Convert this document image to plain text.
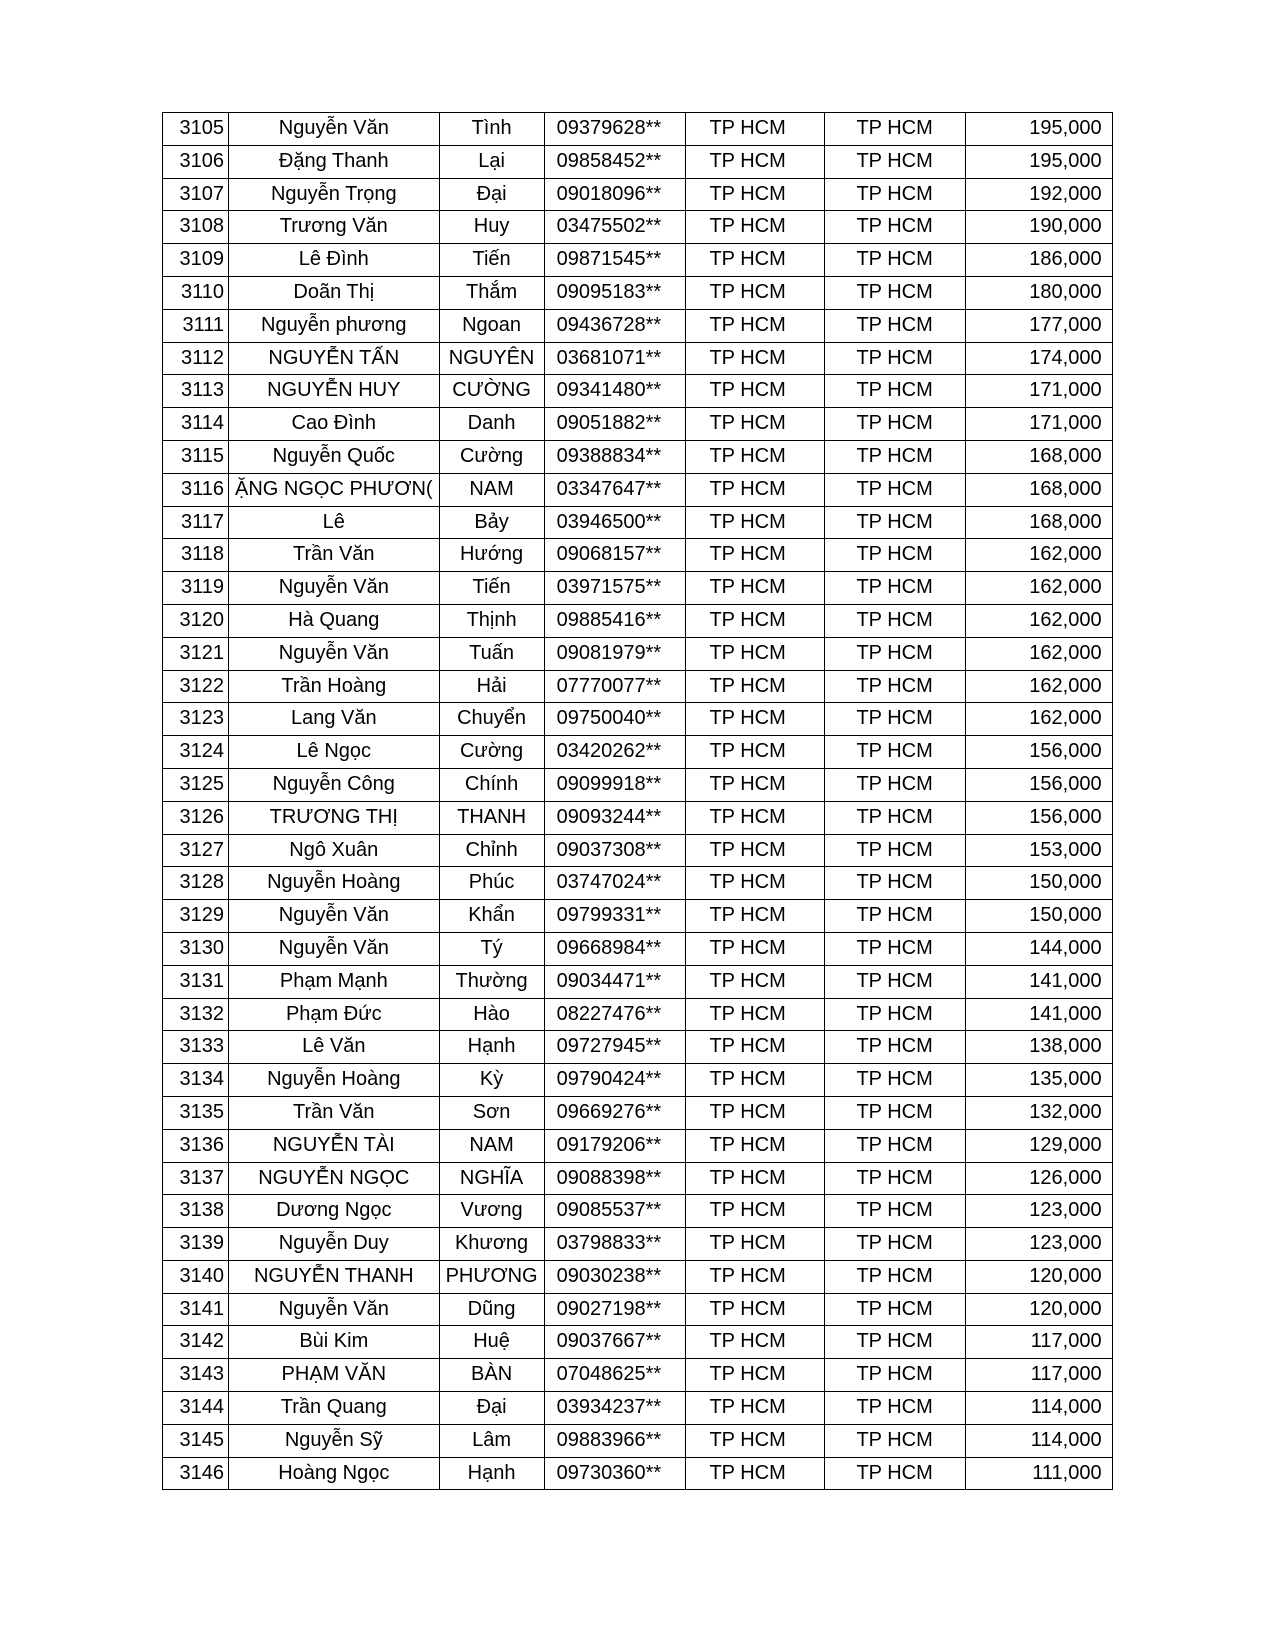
3105	Nguyễn Văn	Tình	09379628**	TP HCM	TP HCM	195,000
3106	Đặng Thanh	Lại	09858452**	TP HCM	TP HCM	195,000
3107	Nguyễn Trọng	Đại	09018096**	TP HCM	TP HCM	192,000
3108	Trương Văn	Huy	03475502**	TP HCM	TP HCM	190,000
3109	Lê Đình	Tiến	09871545**	TP HCM	TP HCM	186,000
3110	Doãn Thị	Thắm	09095183**	TP HCM	TP HCM	180,000
3111	Nguyễn phương	Ngoan	09436728**	TP HCM	TP HCM	177,000
3112	NGUYỄN TẤN	NGUYÊN	03681071**	TP HCM	TP HCM	174,000
3113	NGUYỄN HUY	CƯỜNG	09341480**	TP HCM	TP HCM	171,000
3114	Cao Đình	Danh	09051882**	TP HCM	TP HCM	171,000
3115	Nguyễn Quốc	Cường	09388834**	TP HCM	TP HCM	168,000
3116	ẶNG NGỌC PHƯƠN(	NAM	03347647**	TP HCM	TP HCM	168,000
3117	Lê	Bảy	03946500**	TP HCM	TP HCM	168,000
3118	Trần Văn	Hướng	09068157**	TP HCM	TP HCM	162,000
3119	Nguyễn Văn	Tiến	03971575**	TP HCM	TP HCM	162,000
3120	Hà Quang	Thịnh	09885416**	TP HCM	TP HCM	162,000
3121	Nguyễn Văn	Tuấn	09081979**	TP HCM	TP HCM	162,000
3122	Trần Hoàng	Hải	07770077**	TP HCM	TP HCM	162,000
3123	Lang Văn	Chuyển	09750040**	TP HCM	TP HCM	162,000
3124	Lê Ngọc	Cường	03420262**	TP HCM	TP HCM	156,000
3125	Nguyễn Công	Chính	09099918**	TP HCM	TP HCM	156,000
3126	TRƯƠNG THỊ	THANH	09093244**	TP HCM	TP HCM	156,000
3127	Ngô Xuân	Chỉnh	09037308**	TP HCM	TP HCM	153,000
3128	Nguyễn Hoàng	Phúc	03747024**	TP HCM	TP HCM	150,000
3129	Nguyễn Văn	Khẩn	09799331**	TP HCM	TP HCM	150,000
3130	Nguyễn Văn	Tý	09668984**	TP HCM	TP HCM	144,000
3131	Phạm Mạnh	Thường	09034471**	TP HCM	TP HCM	141,000
3132	Phạm Đức	Hào	08227476**	TP HCM	TP HCM	141,000
3133	Lê Văn	Hạnh	09727945**	TP HCM	TP HCM	138,000
3134	Nguyễn Hoàng	Kỳ	09790424**	TP HCM	TP HCM	135,000
3135	Trần Văn	Sơn	09669276**	TP HCM	TP HCM	132,000
3136	NGUYỄN TÀI	NAM	09179206**	TP HCM	TP HCM	129,000
3137	NGUYỄN NGỌC	NGHĨA	09088398**	TP HCM	TP HCM	126,000
3138	Dương Ngọc	Vương	09085537**	TP HCM	TP HCM	123,000
3139	Nguyễn Duy	Khương	03798833**	TP HCM	TP HCM	123,000
3140	NGUYỄN THANH	PHƯƠNG	09030238**	TP HCM	TP HCM	120,000
3141	Nguyễn Văn	Dũng	09027198**	TP HCM	TP HCM	120,000
3142	Bùi Kim	Huệ	09037667**	TP HCM	TP HCM	117,000
3143	PHẠM VĂN	BÀN	07048625**	TP HCM	TP HCM	117,000
3144	Trần Quang	Đại	03934237**	TP HCM	TP HCM	114,000
3145	Nguyễn Sỹ	Lâm	09883966**	TP HCM	TP HCM	114,000
3146	Hoàng Ngọc	Hạnh	09730360**	TP HCM	TP HCM	111,000
